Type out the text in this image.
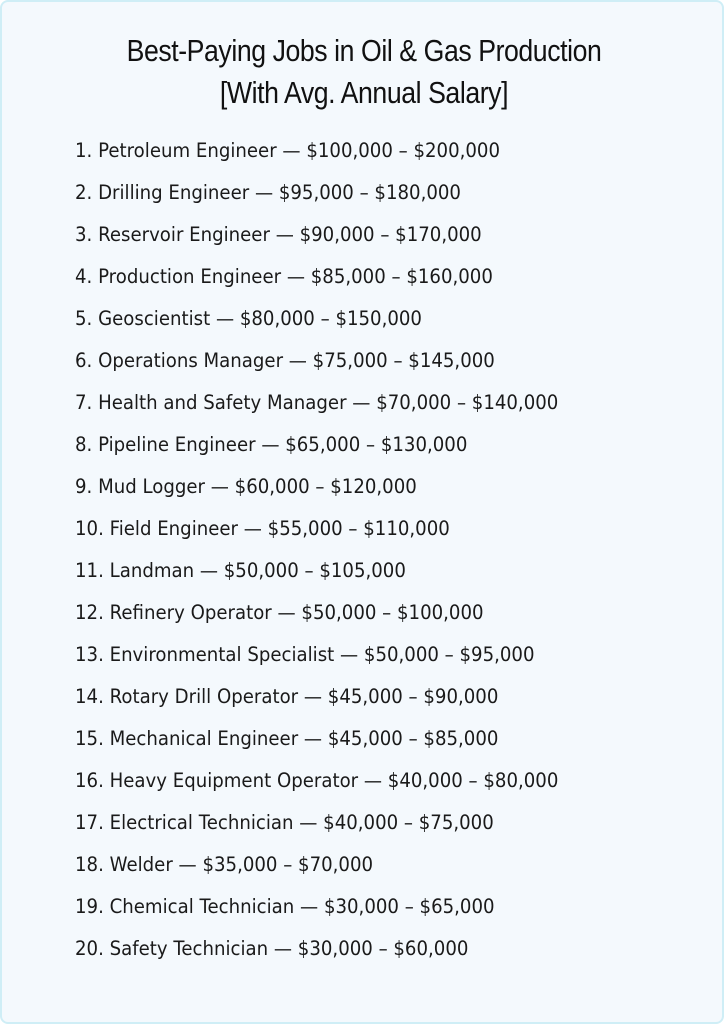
Best-Paying Jobs in Oil & Gas Production
[With Avg. Annual Salary]
1. Petroleum Engineer — $100,000 – $200,000
2. Drilling Engineer — $95,000 – $180,000
3. Reservoir Engineer — $90,000 – $170,000
4. Production Engineer — $85,000 – $160,000
5. Geoscientist — $80,000 – $150,000
6. Operations Manager — $75,000 – $145,000
7. Health and Safety Manager — $70,000 – $140,000
8. Pipeline Engineer — $65,000 – $130,000
9. Mud Logger — $60,000 – $120,000
10. Field Engineer — $55,000 – $110,000
11. Landman — $50,000 – $105,000
12. Refinery Operator — $50,000 – $100,000
13. Environmental Specialist — $50,000 – $95,000
14. Rotary Drill Operator — $45,000 – $90,000
15. Mechanical Engineer — $45,000 – $85,000
16. Heavy Equipment Operator — $40,000 – $80,000
17. Electrical Technician — $40,000 – $75,000
18. Welder — $35,000 – $70,000
19. Chemical Technician — $30,000 – $65,000
20. Safety Technician — $30,000 – $60,000
